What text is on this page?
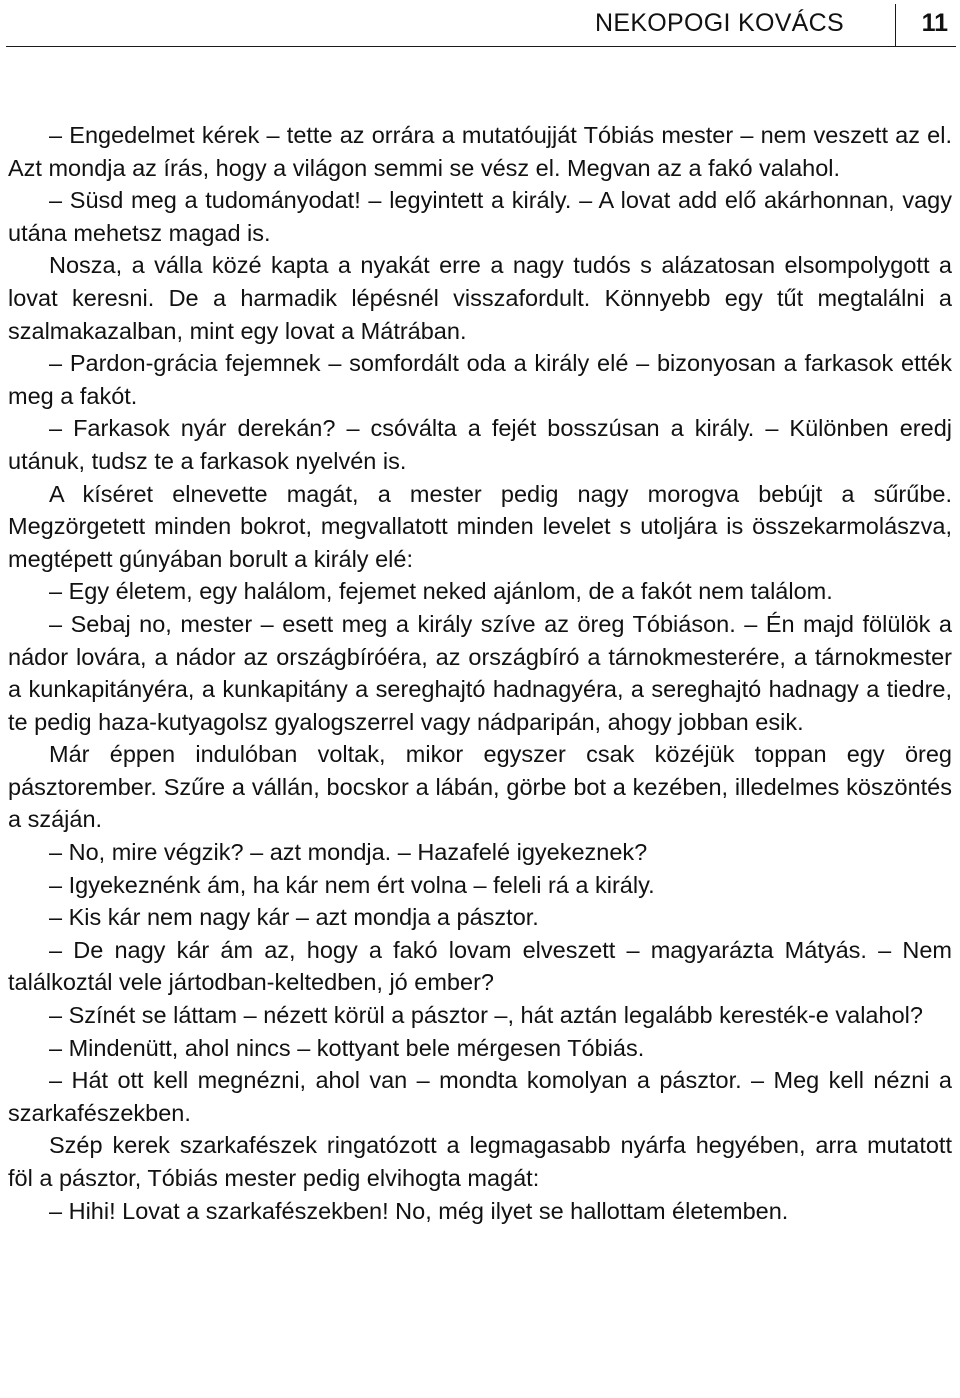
NEKOPOGI KOVÁCS	11

– Engedelmet kérek – tette az orrára a mutatóujját Tóbiás mester – nem veszett az el. Azt mondja az írás, hogy a világon semmi se vész el. Megvan az a fakó valahol.

– Süsd meg a tudományodat! – legyintett a király. – A lovat add elő akárhonnan, vagy utána mehetsz magad is.

Nosza, a válla közé kapta a nyakát erre a nagy tudós s alázatosan elsompolygott a lovat keresni. De a harmadik lépésnél visszafordult. Könnyebb egy tűt megtalálni a szalmakazalban, mint egy lovat a Mátrában.

– Pardon-grácia fejemnek – somfordált oda a király elé – bizonyosan a farkasok ették meg a fakót.

– Farkasok nyár derekán? – csóválta a fejét bosszúsan a király. – Különben eredj utánuk, tudsz te a farkasok nyelvén is.

A kíséret elnevette magát, a mester pedig nagy morogva bebújt a sűrűbe. Megzörgetett minden bokrot, megvallatott minden levelet s utoljára is összekarmolászva, megtépett gúnyában borult a király elé:

– Egy életem, egy halálom, fejemet neked ajánlom, de a fakót nem találom.

– Sebaj no, mester – esett meg a király szíve az öreg Tóbiáson. – Én majd fölülök a nádor lovára, a nádor az országbíróéra, az országbíró a tárnokmesterére, a tárnokmester a kunkapitányéra, a kunkapitány a sereghajtó hadnagyéra, a sereghajtó hadnagy a tiedre, te pedig haza-kutyagolsz gyalogszerrel vagy nádparipán, ahogy jobban esik.

Már éppen indulóban voltak, mikor egyszer csak közéjük toppan egy öreg pásztorember. Szűre a vállán, bocskor a lábán, görbe bot a kezében, illedelmes köszöntés a száján.

– No, mire végzik? – azt mondja. – Hazafelé igyekeznek?

– Igyekeznénk ám, ha kár nem ért volna – feleli rá a király.

– Kis kár nem nagy kár – azt mondja a pásztor.

– De nagy kár ám az, hogy a fakó lovam elveszett – magyarázta Mátyás. – Nem találkoztál vele jártodban-keltedben, jó ember?

– Színét se láttam – nézett körül a pásztor –, hát aztán legalább keresték-e valahol?

– Mindenütt, ahol nincs – kottyant bele mérgesen Tóbiás.

– Hát ott kell megnézni, ahol van – mondta komolyan a pásztor. – Meg kell nézni a szarkafészekben.

Szép kerek szarkafészek ringatózott a legmagasabb nyárfa hegyében, arra mutatott föl a pásztor, Tóbiás mester pedig elvihogta magát:

– Hihi! Lovat a szarkafészekben! No, még ilyet se hallottam életemben.
